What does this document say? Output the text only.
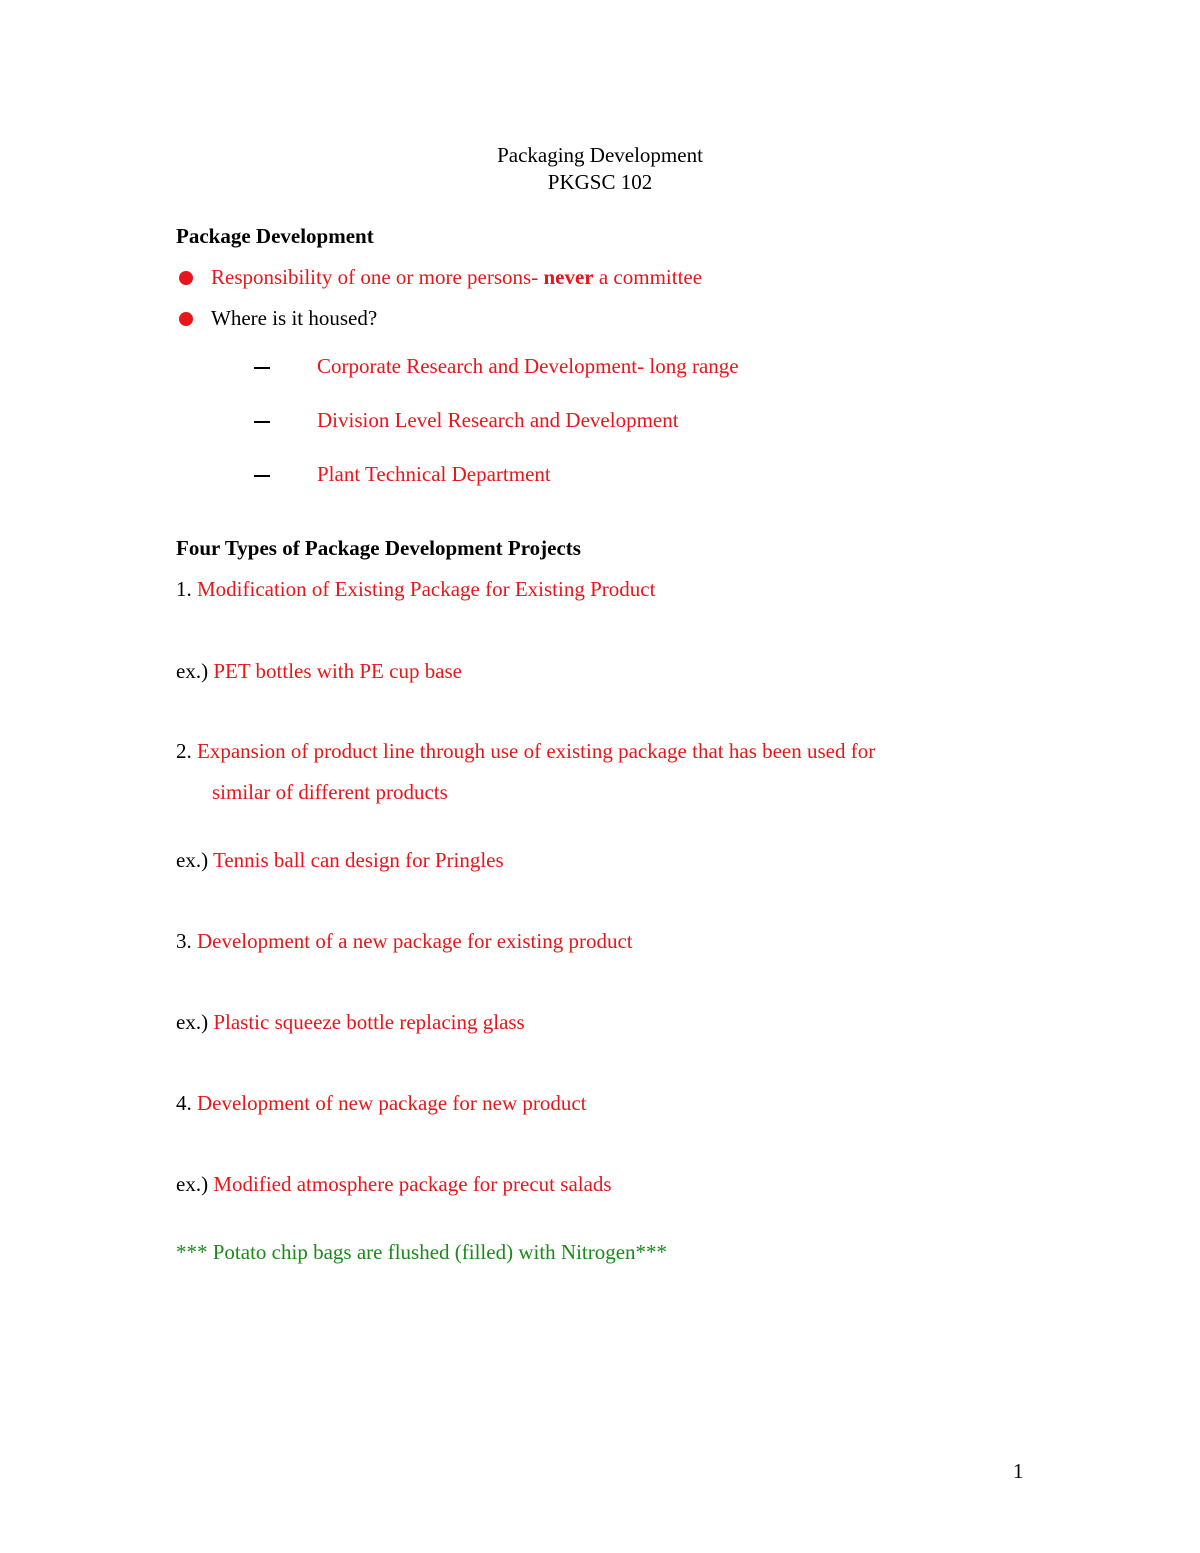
Packaging Development
PKGSC 102
Package Development
Responsibility of one or more persons- never a committee
Where is it housed?
Corporate Research and Development- long range
Division Level Research and Development
Plant Technical Department
Four Types of Package Development Projects
1. Modification of Existing Package for Existing Product
ex.) PET bottles with PE cup base
2. Expansion of product line through use of existing package that has been used for
similar of different products
ex.) Tennis ball can design for Pringles
3. Development of a new package for existing product
ex.) Plastic squeeze bottle replacing glass
4. Development of new package for new product
ex.) Modified atmosphere package for precut salads
*** Potato chip bags are flushed (filled) with Nitrogen***
1
